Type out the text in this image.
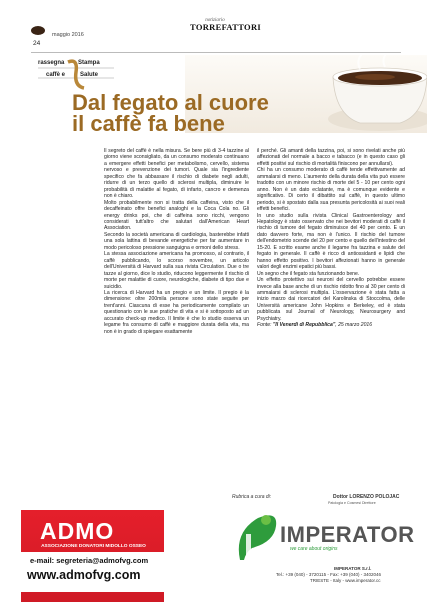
maggio 2016
24
notiziario
TORREFATTORI
rassegna Stampa
caffè e Salute
Dal fegato al cuore
il caffè fa bene

Il segreto del caffè è nella misura. Se bere più di 3-4 tazzine al giorno viene sconsigliato, da un consumo moderato continuano a emergere effetti benefici per metabolismo, cervello, sistema nervoso e prevenzione dei tumori. Quale sia l'ingrediente specifico che fa abbassare il rischio di diabete negli adulti, ridurre di un terzo quello di sclerosi multipla, diminuire le probabilità di malattie al fegato, di infarto, cancro e demenza non è chiaro.

Molto probabilmente non si tratta della caffeina, visto che il decaffeinato offre benefici analoghi e la Coca Cola no. Gli energy drinks poi, che di caffeina sono ricchi, vengono considerati tutt'altro che salutari dall'American Heart Association.

Secondo la società americana di cardiologia, basterebbe infatti una sola lattina di bevande energetiche per far aumentare in modo pericoloso pressione sanguigna e ormoni dello stress.

La stessa associazione americana ha promosso, al contrario, il caffè pubblicando, lo scorso novembre, un articolo dell'Università di Harvard sulla sua rivista Circulation. Due o tre tazze al giorno, dice lo studio, riducono leggermente il rischio di morte per malattie di cuore, neurologiche, diabete di tipo due e suicidio.

La ricerca di Harvard ha un pregio e un limite. Il pregio è la dimensione: oltre 200mila persone sono state seguite per trent'anni. Ciascuna di esse ha periodicamente compilato un questionario con le sue pratiche di vita e si è sottoposto ad un accurato check-up medico. Il limite è che lo studio osserva un legame fra consumo di caffè e maggiore durata della vita, ma non è in grado di spiegare esattamente

il perché. Gli amanti della tazzina, poi, si sono rivelati anche più affezionati del normale a bacco e tabacco (e in questo caso gli effetti positivi sul rischio di mortalità finiscono per annullarsi).

Chi ha un consumo moderato di caffè tende effettivamente ad ammalarsi di meno. L'aumento della durata della vita può essere tradotto con un minore rischio di morte del 5 - 10 per cento ogni anno. Non è un dato eclatante, ma è comunque evidente e significativo. Di certo il dibattito sul caffè, in questo ultimo periodo, si è spostato dalla sua presunta pericolosità ai suoi reali effetti benefici.

In uno studio sulla rivista Clinical Gastroenterology and Hepatology è stato osservato che nei bevitori moderati di caffè il rischio di tumore del fegato diminuisce del 40 per cento. E un dato davvero forte, ma non è l'unico. Il rischio del tumore dell'endometrio scende del 20 per cento e quello dell'intestino del 15-20. E scritto esame anche il legame fra tazzina e salute del fegato in generale. Il caffè è ricco di antiossidanti e lipidi che hanno effetto positivo. I bevitori affezionati hanno in generale valori degli enzimi epatici più bassi.

Un segno che il fegato sta funzionando bene.

Un effetto protettivo sui neuroni del cervello potrebbe essere invece alla base anche di un rischio ridotto fino al 30 per cento di ammalarsi di sclerosi multipla. L'osservazione è stata fatta a inizio marzo dai ricercatori del Karolinska di Stoccolma, delle Università americane John Hopkins e Berkeley, ed è stata pubblicata sul Journal of Neurology, Neurosurgery and Psychiatry.

Fonte: "Il Venerdì di Repubblica", 25 marzo 2016

ADMO
ASSOCIAZIONE DONATORI MIDOLLO OSSEO
e-mail: segreteria@admofvg.com
www.admofvg.com
Rubrica a cura di:	Dottor LORENZO POLOJAC
Patologia e Cosmesi Direttore
IMPERATOR
we care about origins
IMPERATOR S.r.l.
Tel.: +39 (040) - 3720115 - Fax: +39 (040) - 3402046
TRIESTE - Italy - www.imperator.cc
